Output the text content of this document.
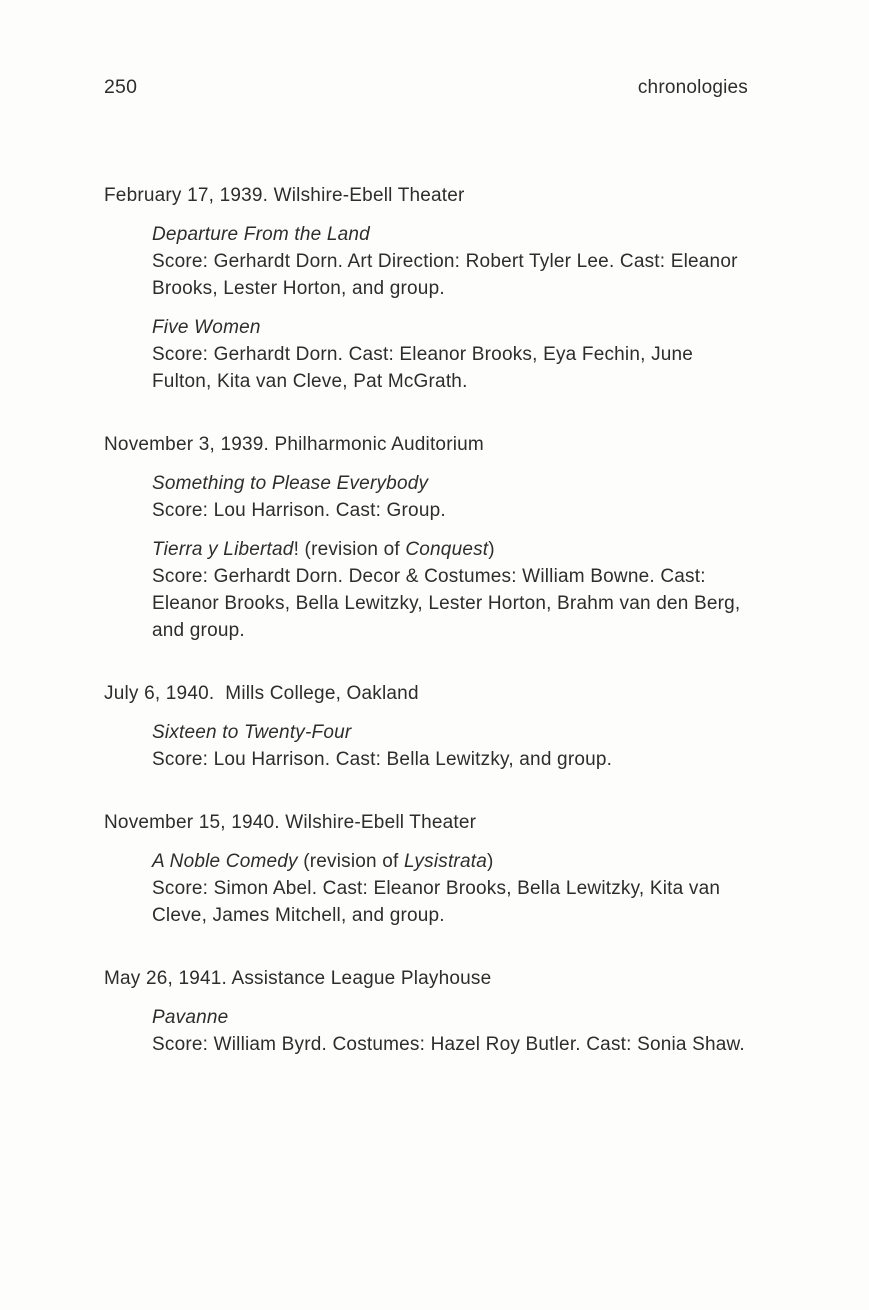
250	chronologies
February 17, 1939. Wilshire-Ebell Theater
Departure From the Land
Score: Gerhardt Dorn. Art Direction: Robert Tyler Lee. Cast: Eleanor Brooks, Lester Horton, and group.
Five Women
Score: Gerhardt Dorn. Cast: Eleanor Brooks, Eya Fechin, June Fulton, Kita van Cleve, Pat McGrath.
November 3, 1939. Philharmonic Auditorium
Something to Please Everybody
Score: Lou Harrison. Cast: Group.
Tierra y Libertad! (revision of Conquest)
Score: Gerhardt Dorn. Decor & Costumes: William Bowne. Cast: Eleanor Brooks, Bella Lewitzky, Lester Horton, Brahm van den Berg, and group.
July 6, 1940.  Mills College, Oakland
Sixteen to Twenty-Four
Score: Lou Harrison. Cast: Bella Lewitzky, and group.
November 15, 1940. Wilshire-Ebell Theater
A Noble Comedy (revision of Lysistrata)
Score: Simon Abel. Cast: Eleanor Brooks, Bella Lewitzky, Kita van Cleve, James Mitchell, and group.
May 26, 1941. Assistance League Playhouse
Pavanne
Score: William Byrd. Costumes: Hazel Roy Butler. Cast: Sonia Shaw.
